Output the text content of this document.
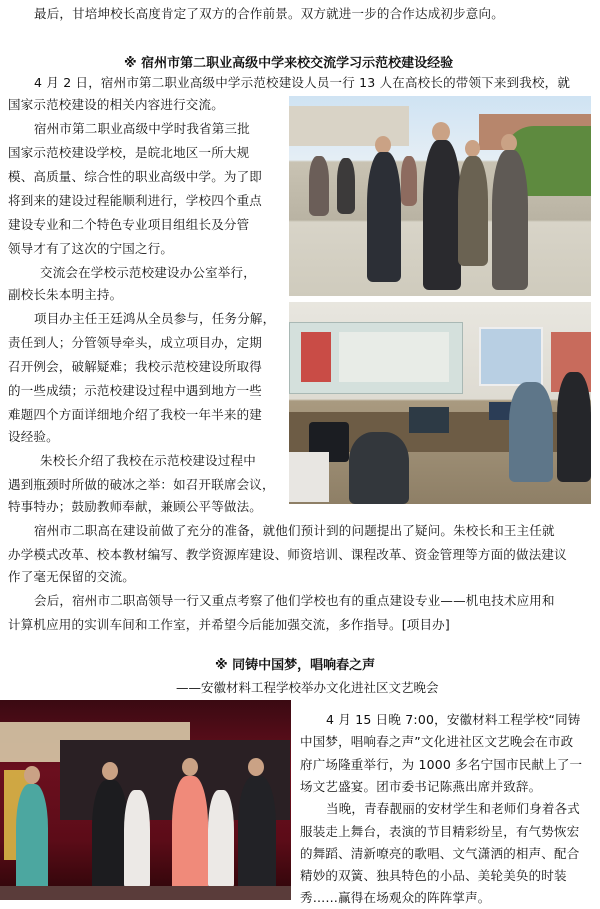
最后，甘培坤校长高度肯定了双方的合作前景。双方就进一步的合作达成初步意向。
※ 宿州市第二职业高级中学来校交流学习示范校建设经验
4 月 2 日，宿州市第二职业高级中学示范校建设人员一行 13 人在高校长的带领下来到我校，就
国家示范校建设的相关内容进行交流。
宿州市第二职业高级中学时我省第三批
国家示范校建设学校，是皖北地区一所大规
模、高质量、综合性的职业高级中学。为了即
将到来的建设过程能顺利进行，学校四个重点
建设专业和二个特色专业项目组组长及分管
领导才有了这次的宁国之行。
交流会在学校示范校建设办公室举行，
副校长朱本明主持。
项目办主任王廷鸿从全员参与，任务分解，
责任到人；分管领导牵头，成立项目办，定期
召开例会，破解疑难；我校示范校建设所取得
的一些成绩；示范校建设过程中遇到地方一些
难题四个方面详细地介绍了我校一年半来的建
设经验。
朱校长介绍了我校在示范校建设过程中
遇到瓶颈时所做的破冰之举：如召开联席会议，
特事特办；鼓励教师奉献，兼顾公平等做法。
宿州市二职高在建设前做了充分的准备，就他们预计到的问题提出了疑问。朱校长和王主任就
办学模式改革、校本教材编写、教学资源库建设、师资培训、课程改革、资金管理等方面的做法建议
作了毫无保留的交流。
会后，宿州市二职高领导一行又重点考察了他们学校也有的重点建设专业——机电技术应用和
计算机应用的实训车间和工作室，并希望今后能加强交流，多作指导。[项目办]
※ 同铸中国梦，唱响春之声
——安徽材料工程学校举办文化进社区文艺晚会
4 月 15 日晚 7:00，安徽材料工程学校“同铸
中国梦，唱响春之声”文化进社区文艺晚会在市政
府广场隆重举行，为 1000 多名宁国市民献上了一
场文艺盛宴。团市委书记陈燕出席并致辞。
当晚，青春靓丽的安材学生和老师们身着各式
服装走上舞台，表演的节目精彩纷呈，有气势恢宏
的舞蹈、清新嘹亮的歌唱、文气潇洒的相声、配合
精妙的双簧、独具特色的小品、美轮美奂的时装
秀……赢得在场观众的阵阵掌声。
